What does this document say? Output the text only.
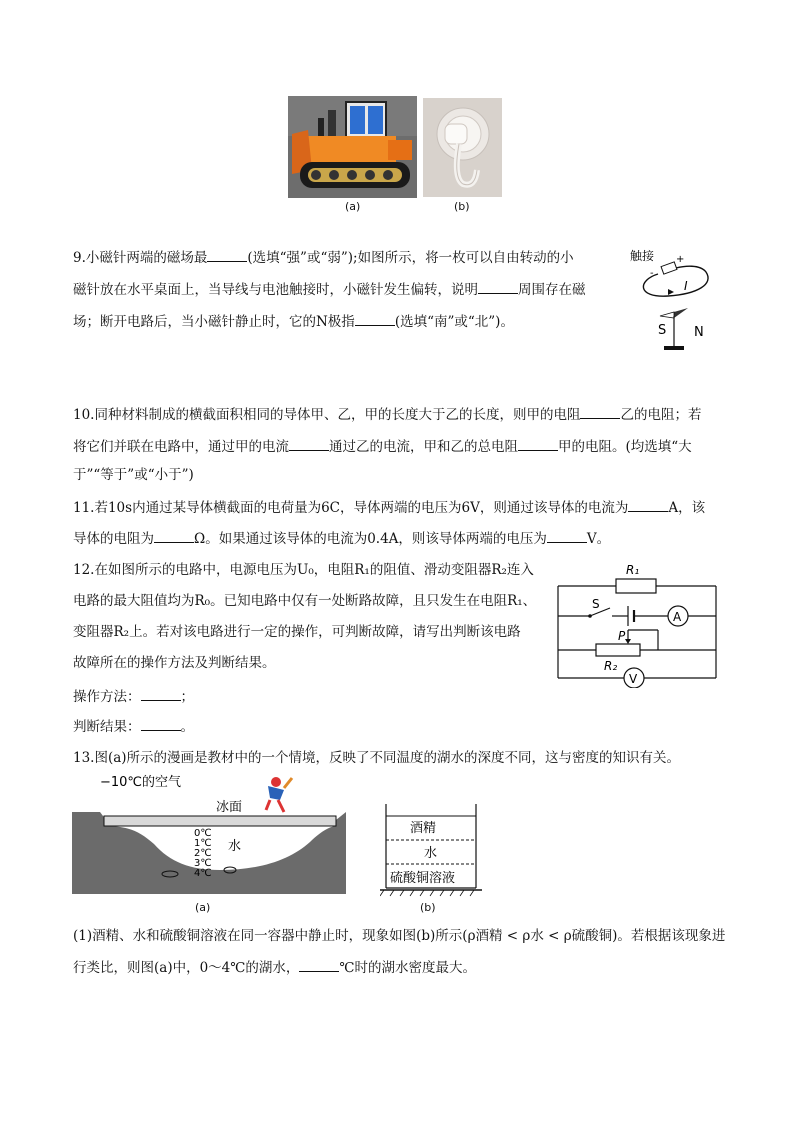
(a)	(b)
9.小磁针两端的磁场最	(选填“强”或“弱”);如图所示，将一枚可以自由转动的小
磁针放在水平桌面上，当导线与电池触接时，小磁针发生偏转，说明	周围存在磁
场；断开电路后，当小磁针静止时，它的N极指	(选填“南”或“北”)。
触接
-
+
I
S N
10.同种材料制成的横截面积相同的导体甲、乙，甲的长度大于乙的长度，则甲的电阻	乙的电阻；若
将它们并联在电路中，通过甲的电流	通过乙的电流，甲和乙的总电阻	甲的电阻。(均选填“大
于”“等于”或“小于”)
11.若10s内通过某导体横截面的电荷量为6C，导体两端的电压为6V，则通过该导体的电流为	A，该
导体的电阻为	Ω。如果通过该导体的电流为0.4A，则该导体两端的电压为	V。
12.在如图所示的电路中，电源电压为U₀，电阻R₁的阻值、滑动变阻器R₂连入
电路的最大阻值均为R₀。已知电路中仅有一处断路故障，且只发生在电阻R₁、
变阻器R₂上。若对该电路进行一定的操作，可判断故障，请写出判断该电路
故障所在的操作方法及判断结果。
操作方法：	；
判断结果：	。
R₁
S
A
P
R₂
V
13.图(a)所示的漫画是教材中的一个情境，反映了不同温度的湖水的深度不同，这与密度的知识有关。
−10℃的空气
冰面
水
0℃
1℃
2℃
3℃
4℃
(a)
酒精
水
硫酸铜溶液
(b)
(1)酒精、水和硫酸铜溶液在同一容器中静止时，现象如图(b)所示(ρ酒精 < ρ水 < ρ硫酸铜)。若根据该现象进
行类比，则图(a)中，0～4℃的湖水，	℃时的湖水密度最大。
